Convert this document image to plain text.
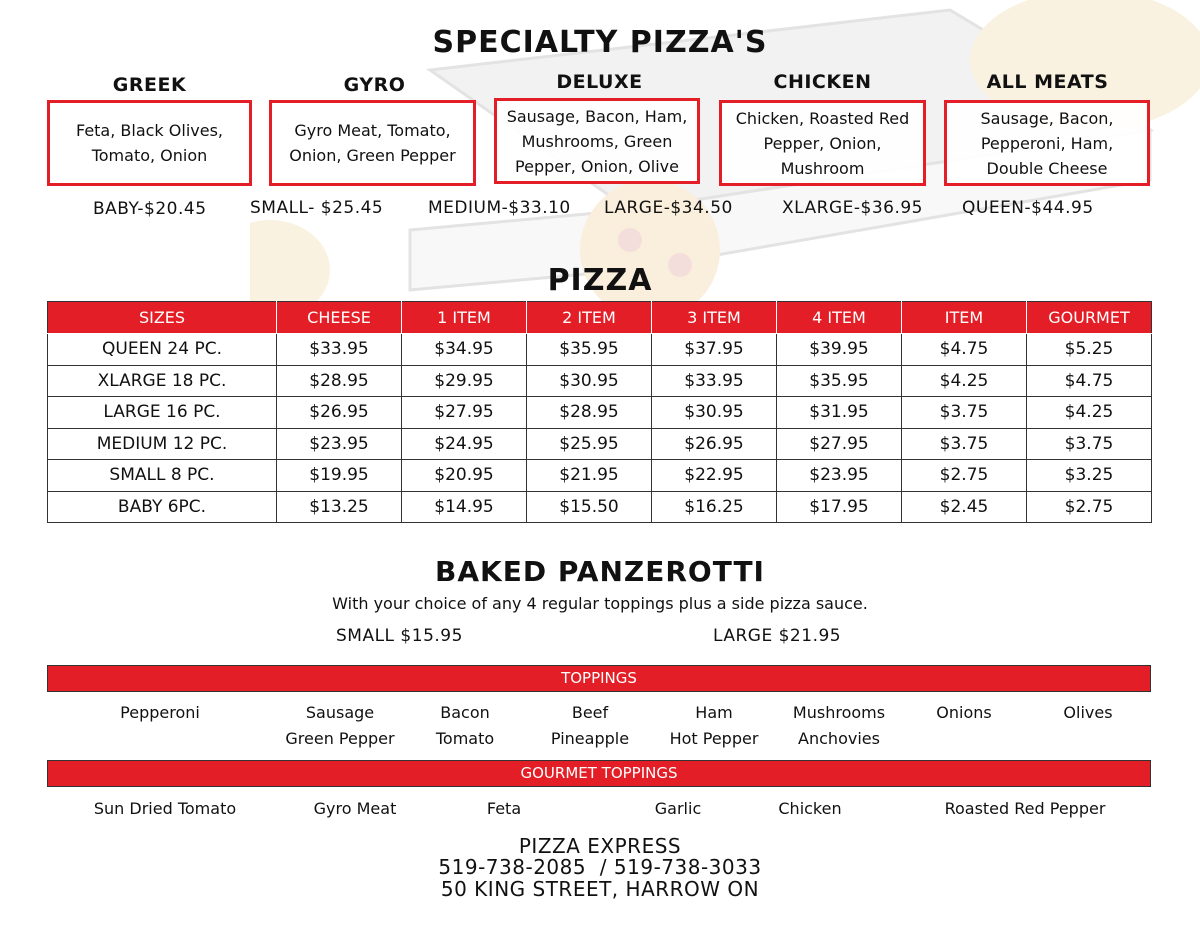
SPECIALTY PIZZA'S
GREEK	GYRO	DELUXE	CHICKEN	ALL MEATS
Feta, Black Olives, Tomato, Onion
Gyro Meat, Tomato, Onion, Green Pepper
Sausage, Bacon, Ham, Mushrooms, Green Pepper, Onion, Olive
Chicken, Roasted Red Pepper, Onion, Mushroom
Sausage, Bacon, Pepperoni, Ham, Double Cheese
BABY-$20.45	SMALL- $25.45	MEDIUM-$33.10 LARGE-$34.50	XLARGE-$36.95 QUEEN-$44.95
PIZZA
SIZES	CHEESE	1 ITEM	2 ITEM	3 ITEM	4 ITEM	ITEM	GOURMET
QUEEN 24 PC.	$33.95	$34.95	$35.95	$37.95	$39.95	$4.75	$5.25
XLARGE 18 PC.	$28.95	$29.95	$30.95	$33.95	$35.95	$4.25	$4.75
LARGE 16 PC.	$26.95	$27.95	$28.95	$30.95	$31.95	$3.75	$4.25
MEDIUM 12 PC.	$23.95	$24.95	$25.95	$26.95	$27.95	$3.75	$3.75
SMALL 8 PC.	$19.95	$20.95	$21.95	$22.95	$23.95	$2.75	$3.25
BABY 6PC.	$13.25	$14.95	$15.50	$16.25	$17.95	$2.45	$2.75
BAKED PANZEROTTI
With your choice of any 4 regular toppings plus a side pizza sauce.
SMALL $15.95	LARGE $21.95
TOPPINGS
Pepperoni	Sausage
Green Pepper
Bacon
Tomato
Beef
Pineapple
Ham
Hot Pepper
Mushrooms
Anchovies
Onions	Olives
GOURMET TOPPINGS
Sun Dried Tomato	Gyro Meat	Feta	Garlic	Chicken	Roasted Red Pepper
PIZZA EXPRESS
519-738-2085  / 519-738-3033
50 KING STREET, HARROW ON
